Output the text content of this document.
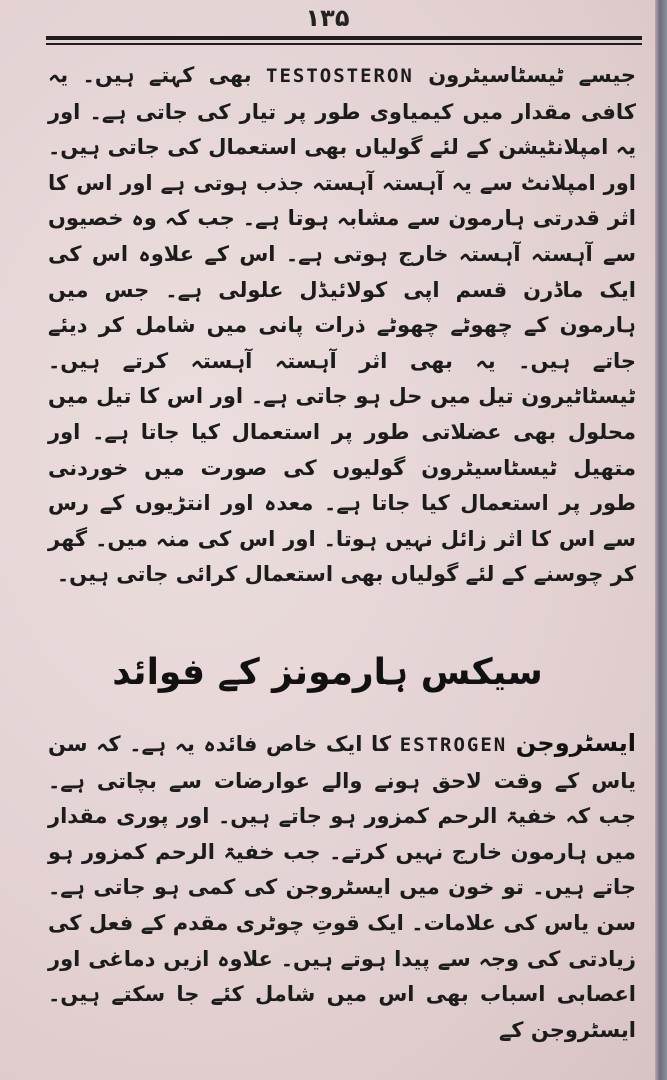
۱۳۵
جیسے ٹیسٹاسیٹرون TESTOSTERON بھی کہتے ہیں۔ یہ کافی مقدار میں کیمیاوی طور پر تیار کی جاتی ہے۔ اور یہ امپلانٹیشن کے لئے گولیاں بھی استعمال کی جاتی ہیں۔ اور امپلانٹ سے یہ آہستہ آہستہ جذب ہوتی ہے اور اس کا اثر قدرتی ہارمون سے مشابہ ہوتا ہے۔ جب کہ وہ خصیوں سے آہستہ آہستہ خارج ہوتی ہے۔ اس کے علاوہ اس کی ایک ماڈرن قسم اپی کولائیڈل علولی ہے۔ جس میں ہارمون کے چھوٹے چھوٹے ذرات پانی میں شامل کر دیئے جاتے ہیں۔ یہ بھی اثر آہستہ آہستہ کرتے ہیں۔ ٹیسٹاٹیرون تیل میں حل ہو جاتی ہے۔ اور اس کا تیل میں محلول بھی عضلاتی طور پر استعمال کیا جاتا ہے۔ اور متھیل ٹیسٹاسیٹرون گولیوں کی صورت میں خوردنی طور پر استعمال کیا جاتا ہے۔ معدہ اور انتڑیوں کے رس سے اس کا اثر زائل نہیں ہوتا۔ اور اس کی منہ میں۔ گھر کر چوسنے کے لئے گولیاں بھی استعمال کرائی جاتی ہیں۔
سیکس ہارمونز کے فوائد
ایسٹروجن ESTROGEN کا ایک خاص فائدہ یہ ہے۔ کہ سن یاس کے وقت لاحق ہونے والے عوارضات سے بچاتی ہے۔ جب کہ خفیۃ الرحم کمزور ہو جاتے ہیں۔ اور پوری مقدار میں ہارمون خارج نہیں کرتے۔ جب خفیۃ الرحم کمزور ہو جاتے ہیں۔ تو خون میں ایسٹروجن کی کمی ہو جاتی ہے۔ سن یاس کی علامات۔ ایک قوتِ چوٹری مقدم کے فعل کی زیادتی کی وجہ سے پیدا ہوتے ہیں۔ علاوہ ازیں دماغی اور اعصابی اسباب بھی اس میں شامل کئے جا سکتے ہیں۔ ایسٹروجن کے
